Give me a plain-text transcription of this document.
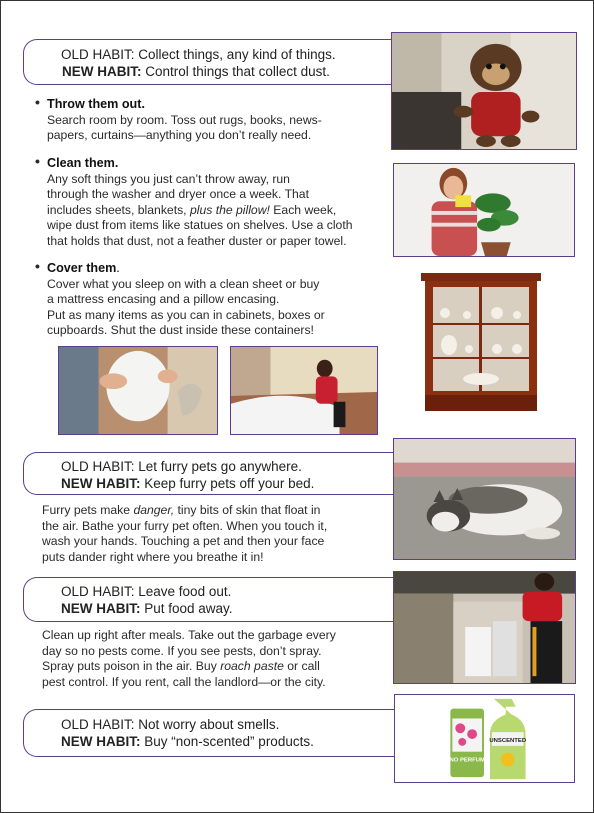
OLD HABIT: Collect things, any kind of things.
NEW HABIT: Control things that collect dust.
• Throw them out.
Search room by room. Toss out rugs, books, news-
papers, curtains—anything you don’t really need.
• Clean them.
Any soft things you just can’t throw away, run
through the washer and dryer once a week. That
includes sheets, blankets, plus the pillow! Each week,
wipe dust from items like statues on shelves. Use a cloth
that holds that dust, not a feather duster or paper towel.
• Cover them.
Cover what you sleep on with a clean sheet or buy
a mattress encasing and a pillow encasing.
Put as many items as you can in cabinets, boxes or
cupboards. Shut the dust inside these containers!
OLD HABIT: Let furry pets go anywhere.
NEW HABIT: Keep furry pets off your bed.
Furry pets make danger, tiny bits of skin that float in
the air. Bathe your furry pet often. When you touch it,
wash your hands. Touching a pet and then your face
puts dander right where you breathe it in!
OLD HABIT: Leave food out.
NEW HABIT: Put food away.
Clean up right after meals. Take out the garbage every
day so no pests come. If you see pests, don’t spray.
Spray puts poison in the air. Buy roach paste or call
pest control. If you rent, call the landlord—or the city.
OLD HABIT: Not worry about smells.
NEW HABIT: Buy “non-scented” products.
NO PERFUM
UNSCENTED
